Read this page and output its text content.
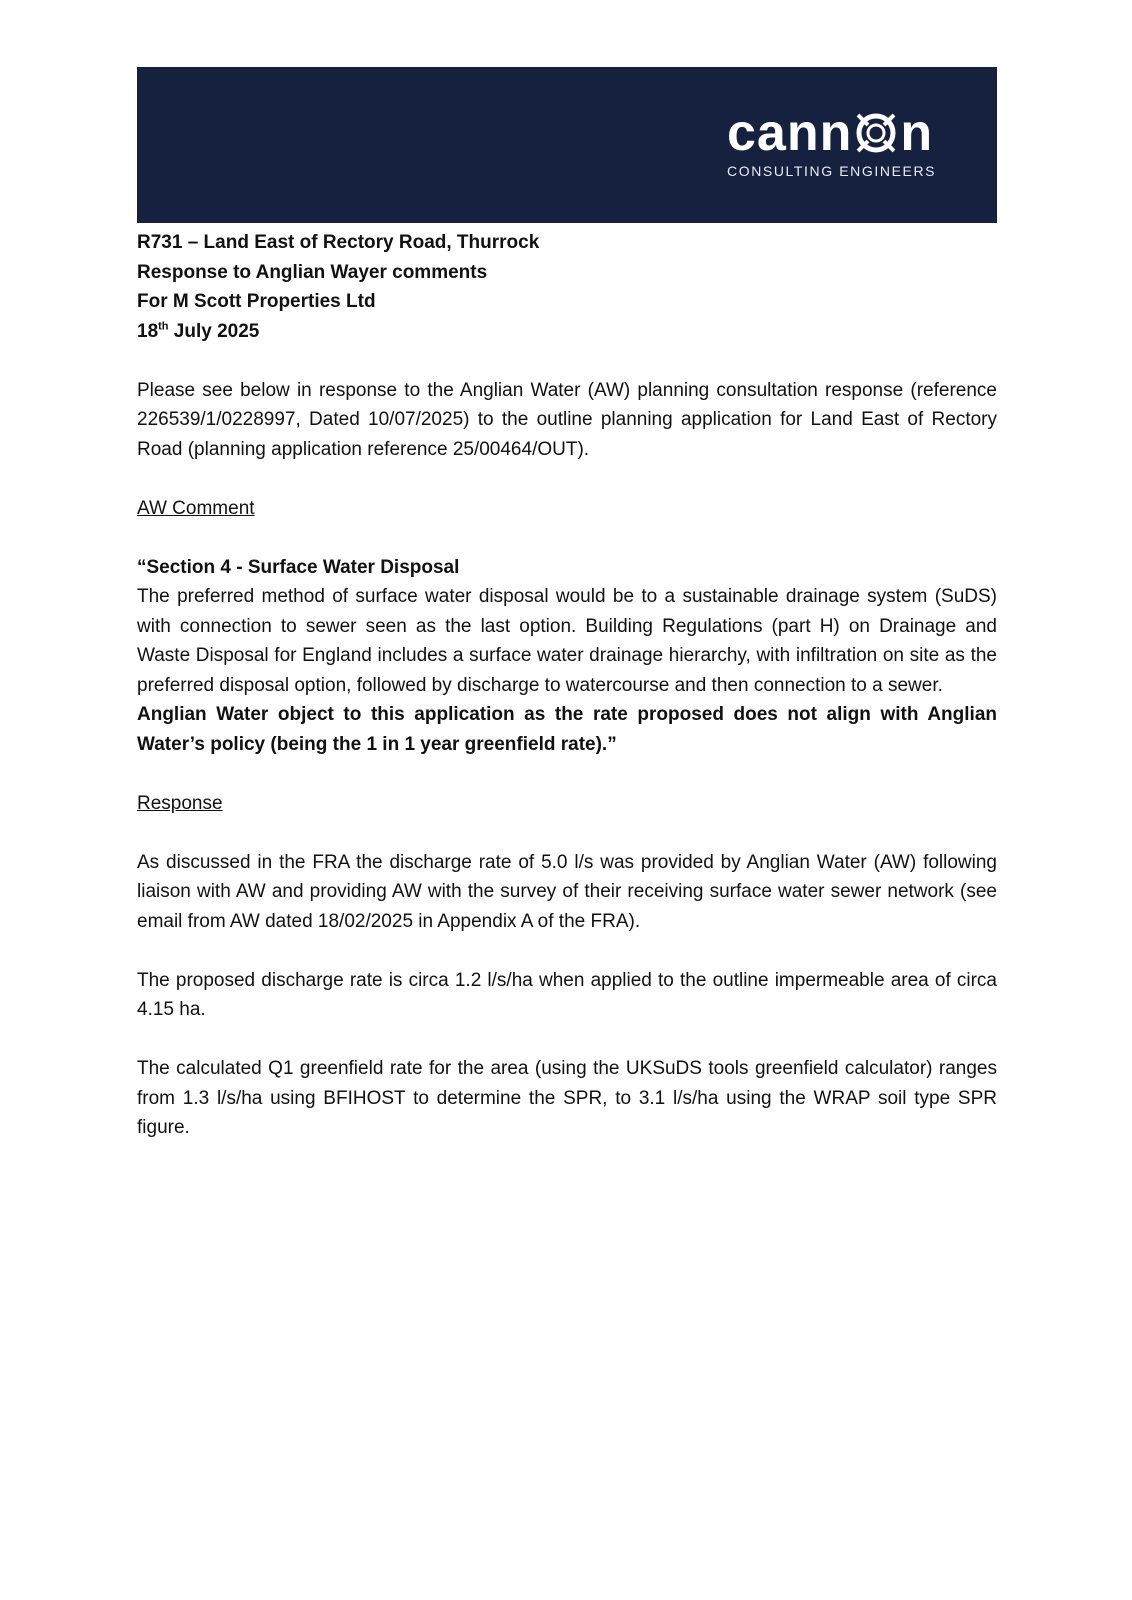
cann n
CONSULTING ENGINEERS
R731 – Land East of Rectory Road, Thurrock
Response to Anglian Wayer comments
For M Scott Properties Ltd
18th July 2025

Please see below in response to the Anglian Water (AW) planning consultation response (reference 226539/1/0228997, Dated 10/07/2025) to the outline planning application for Land East of Rectory Road (planning application reference 25/00464/OUT).

AW Comment

“Section 4 - Surface Water Disposal

The preferred method of surface water disposal would be to a sustainable drainage system (SuDS) with connection to sewer seen as the last option. Building Regulations (part H) on Drainage and Waste Disposal for England includes a surface water drainage hierarchy, with infiltration on site as the preferred disposal option, followed by discharge to watercourse and then connection to a sewer.

Anglian Water object to this application as the rate proposed does not align with Anglian Water’s policy (being the 1 in 1 year greenfield rate).”

Response

As discussed in the FRA the discharge rate of 5.0 l/s was provided by Anglian Water (AW) following liaison with AW and providing AW with the survey of their receiving surface water sewer network (see email from AW dated 18/02/2025 in Appendix A of the FRA).

The proposed discharge rate is circa 1.2 l/s/ha when applied to the outline impermeable area of circa 4.15 ha.

The calculated Q1 greenfield rate for the area (using the UKSuDS tools greenfield calculator) ranges from 1.3 l/s/ha using BFIHOST to determine the SPR, to 3.1 l/s/ha using the WRAP soil type SPR figure.
